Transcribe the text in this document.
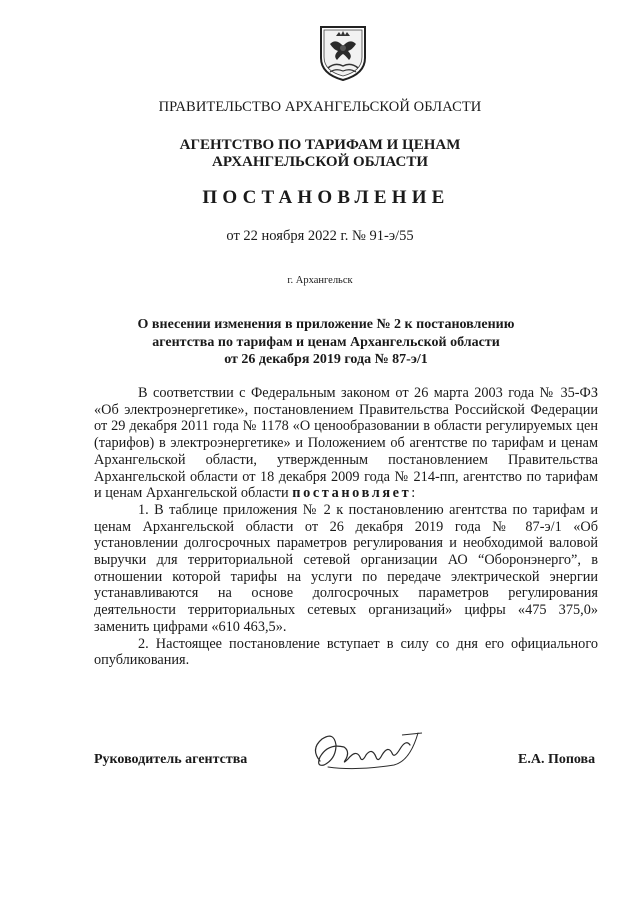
ПРАВИТЕЛЬСТВО АРХАНГЕЛЬСКОЙ ОБЛАСТИ
АГЕНТСТВО ПО ТАРИФАМ И ЦЕНАМ
АРХАНГЕЛЬСКОЙ ОБЛАСТИ
ПОСТАНОВЛЕНИЕ
от 22 ноября 2022 г. № 91-э/55
г. Архангельск
О внесении изменения в приложение № 2 к постановлению
агентства по тарифам и ценам Архангельской области
от 26 декабря 2019 года № 87-э/1

В соответствии с Федеральным законом от 26 марта 2003 года № 35-ФЗ «Об электроэнергетике», постановлением Правительства Российской Федерации от 29 декабря 2011 года № 1178 «О ценообразовании в области регулируемых цен (тарифов) в электроэнергетике» и Положением об агентстве по тарифам и ценам Архангельской области, утвержденным постановлением Правительства Архангельской области от 18 декабря 2009 года № 214-пп, агентство по тарифам и ценам Архангельской области постановляет:

1. В таблице приложения № 2 к постановлению агентства по тарифам и ценам Архангельской области от 26 декабря 2019 года № 87-э/1 «Об установлении долгосрочных параметров регулирования и необходимой валовой выручки для территориальной сетевой организации АО “Оборонэнерго”, в отношении которой тарифы на услуги по передаче электрической энергии устанавливаются на основе долгосрочных параметров регулирования деятельности территориальных сетевых организаций» цифры «475 375,0» заменить цифрами «610 463,5».

2. Настоящее постановление вступает в силу со дня его официального опубликования.

Руководитель агентства	Е.А. Попова
